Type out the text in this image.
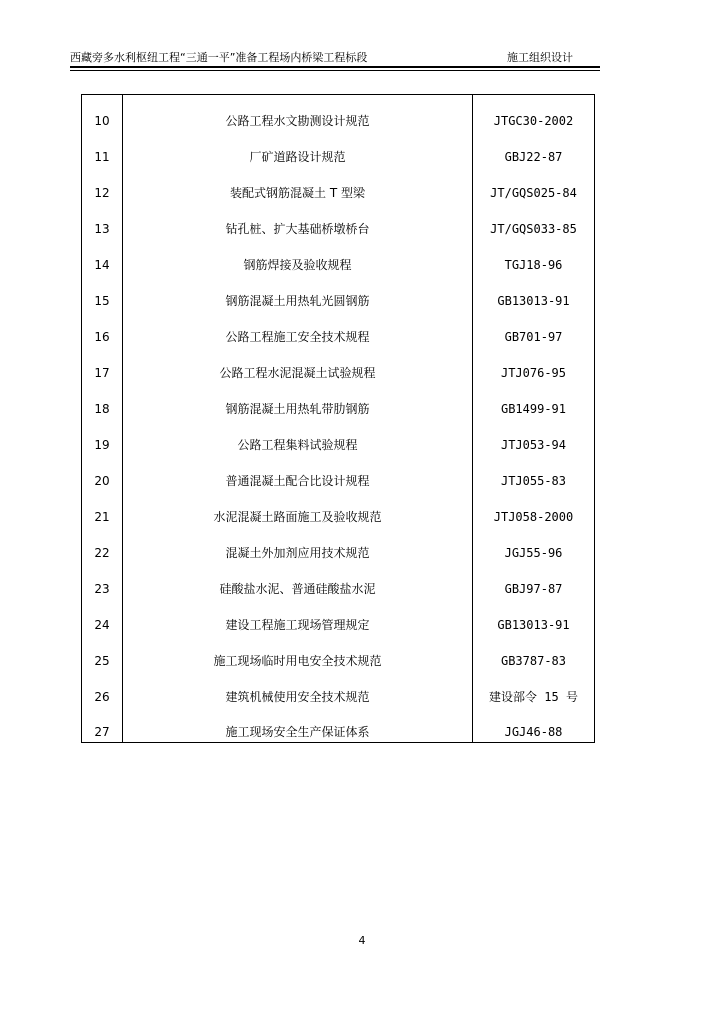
西藏旁多水利枢纽工程“三通一平”准备工程场内桥梁工程标段	施工组织设计
10	公路工程水文勘测设计规范	JTGC30-2002
11	厂矿道路设计规范	GBJ22-87
12	装配式钢筋混凝土 T 型梁	JT/GQS025-84
13	钻孔桩、扩大基础桥墩桥台	JT/GQS033-85
14	钢筋焊接及验收规程	TGJ18-96
15	钢筋混凝土用热轧光圆钢筋	GB13013-91
16	公路工程施工安全技术规程	GB701-97
17	公路工程水泥混凝土试验规程	JTJ076-95
18	钢筋混凝土用热轧带肋钢筋	GB1499-91
19	公路工程集料试验规程	JTJ053-94
20	普通混凝土配合比设计规程	JTJ055-83
21	水泥混凝土路面施工及验收规范	JTJ058-2000
22	混凝土外加剂应用技术规范	JGJ55-96
23	硅酸盐水泥、普通硅酸盐水泥	GBJ97-87
24	建设工程施工现场管理规定	GB13013-91
25	施工现场临时用电安全技术规范	GB3787-83
26	建筑机械使用安全技术规范	建设部令 15 号
27	施工现场安全生产保证体系	JGJ46-88
4
